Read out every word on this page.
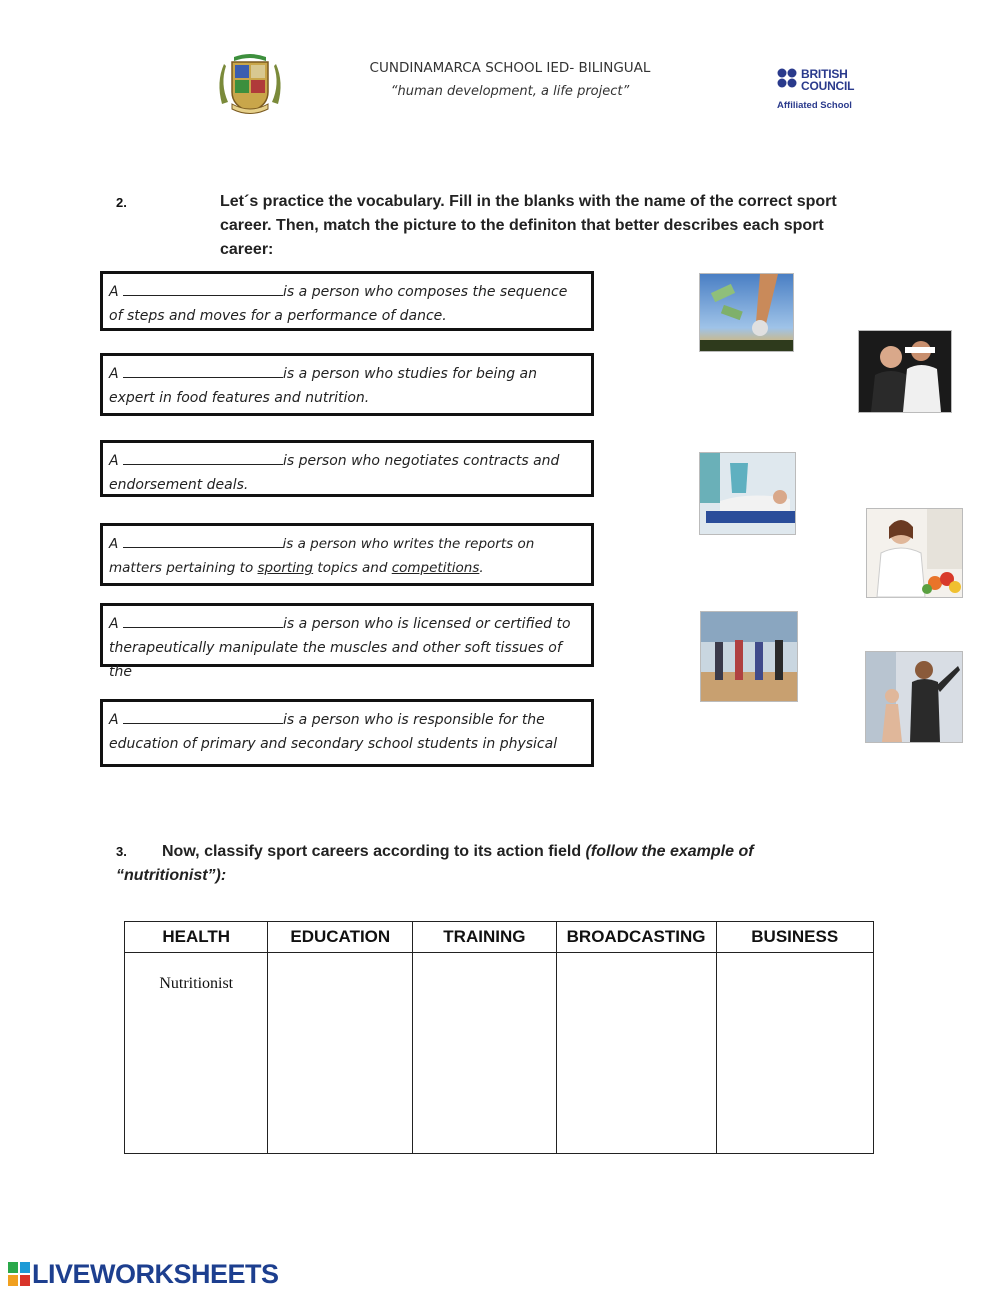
CUNDINAMARCA SCHOOL IED- BILINGUAL
“human development, a life project”
BRITISH
COUNCIL
Affiliated School
2.	Let´s practice the vocabulary. Fill in the blanks with the name of the correct sport career. Then, match the picture to the definiton that better describes each sport career:
A	is a person who composes the sequence of steps and moves for a performance of dance.
A	is a person who studies for being an expert in food features and nutrition.
A	is person who negotiates contracts and endorsement deals.
A	is a person who writes the reports on matters pertaining to sporting topics and competitions.
A	is a person who is licensed or certified to therapeutically manipulate the muscles and other soft tissues of the
A	is a person who is responsible for the education of primary and secondary school students in physical
3.	Now, classify sport careers according to its action field (follow the example of “nutritionist”):
HEALTH	EDUCATION	TRAINING	BROADCASTING	BUSINESS

Nutritionist				

LIVEWORKSHEETS
